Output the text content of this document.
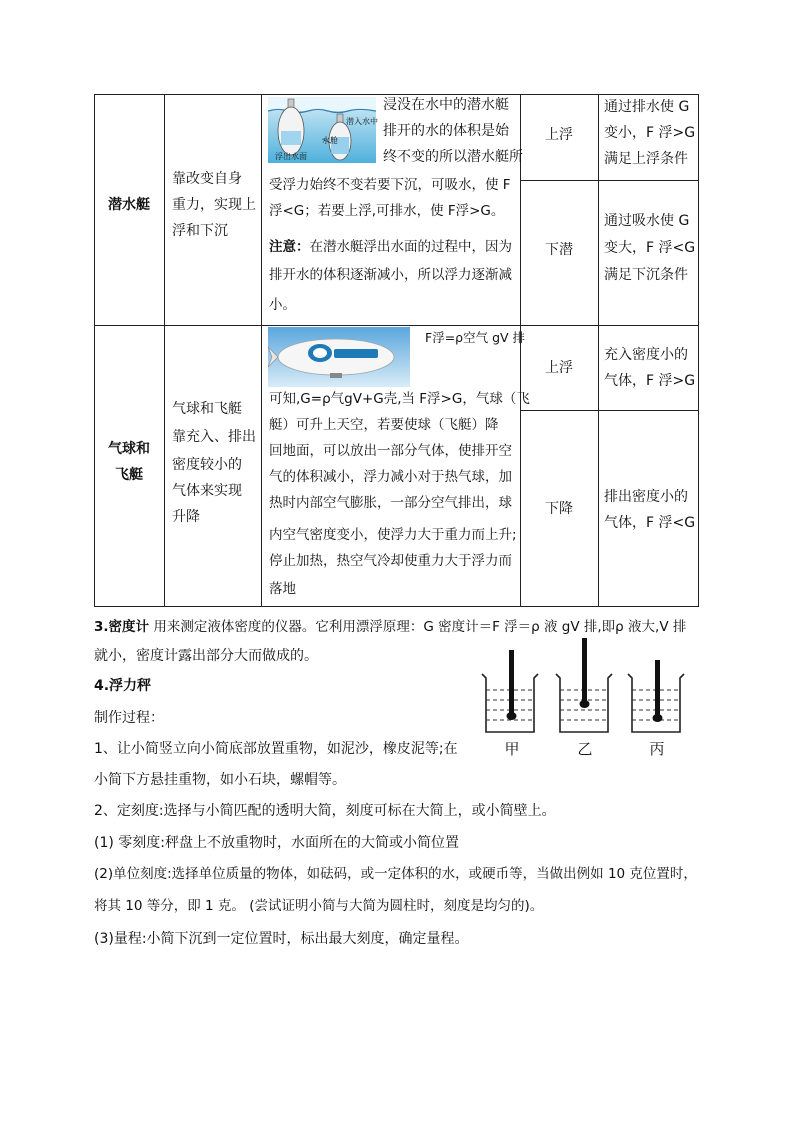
潜水艇
靠改变自身
重力，实现上
浮和下沉
浮出水面
水舱
潜入水中
浸没在水中的潜水艇
排开的水的体积是始
终不变的所以潜水艇所
受浮力始终不变若要下沉，可吸水，使 F
浮<G；若要上浮,可排水，使 F浮>G。
注意：在潜水艇浮出水面的过程中，因为
排开水的体积逐渐减小，所以浮力逐渐减
小。
上浮
通过排水使 G
变小，F 浮>G
满足上浮条件
下潜
通过吸水使 G
变大，F 浮<G
满足下沉条件
气球和
飞艇
气球和飞艇
靠充入、排出
密度较小的
气体来实现
升降
F浮=ρ空气 gV 排
可知,G=ρ气gV+G壳,当 F浮>G，气球（飞
艇）可升上天空，若要使球（飞艇）降
回地面，可以放出一部分气体，使排开空
气的体积减小，浮力减小对于热气球，加
热时内部空气膨胀，一部分空气排出，球
内空气密度变小，使浮力大于重力而上升;
停止加热，热空气冷却使重力大于浮力而
落地
上浮
充入密度小的
气体，F 浮>G
下降
排出密度小的
气体，F 浮<G
3.密度计 用来测定液体密度的仪器。它利用漂浮原理：G 密度计＝F 浮＝ρ 液 gV 排,即ρ 液大,V 排
就小，密度计露出部分大而做成的。
甲	乙	丙
4.浮力秤
制作过程：
1、让小简竖立向小简底部放置重物，如泥沙，橡皮泥等;在
小简下方悬挂重物，如小石块，螺帽等。
2、定刻度:选择与小简匹配的透明大简，刻度可标在大简上，或小简壁上。
(1) 零刻度:秤盘上不放重物时，水面所在的大简或小简位置
(2)单位刻度:选择单位质量的物体，如砝码，或一定体积的水，或硬币等，当做出例如 10 克位置时，
将其 10 等分，即 1 克。 (尝试证明小简与大简为圆柱时，刻度是均匀的)。
(3)量程:小简下沉到一定位置时，标出最大刻度，确定量程。
